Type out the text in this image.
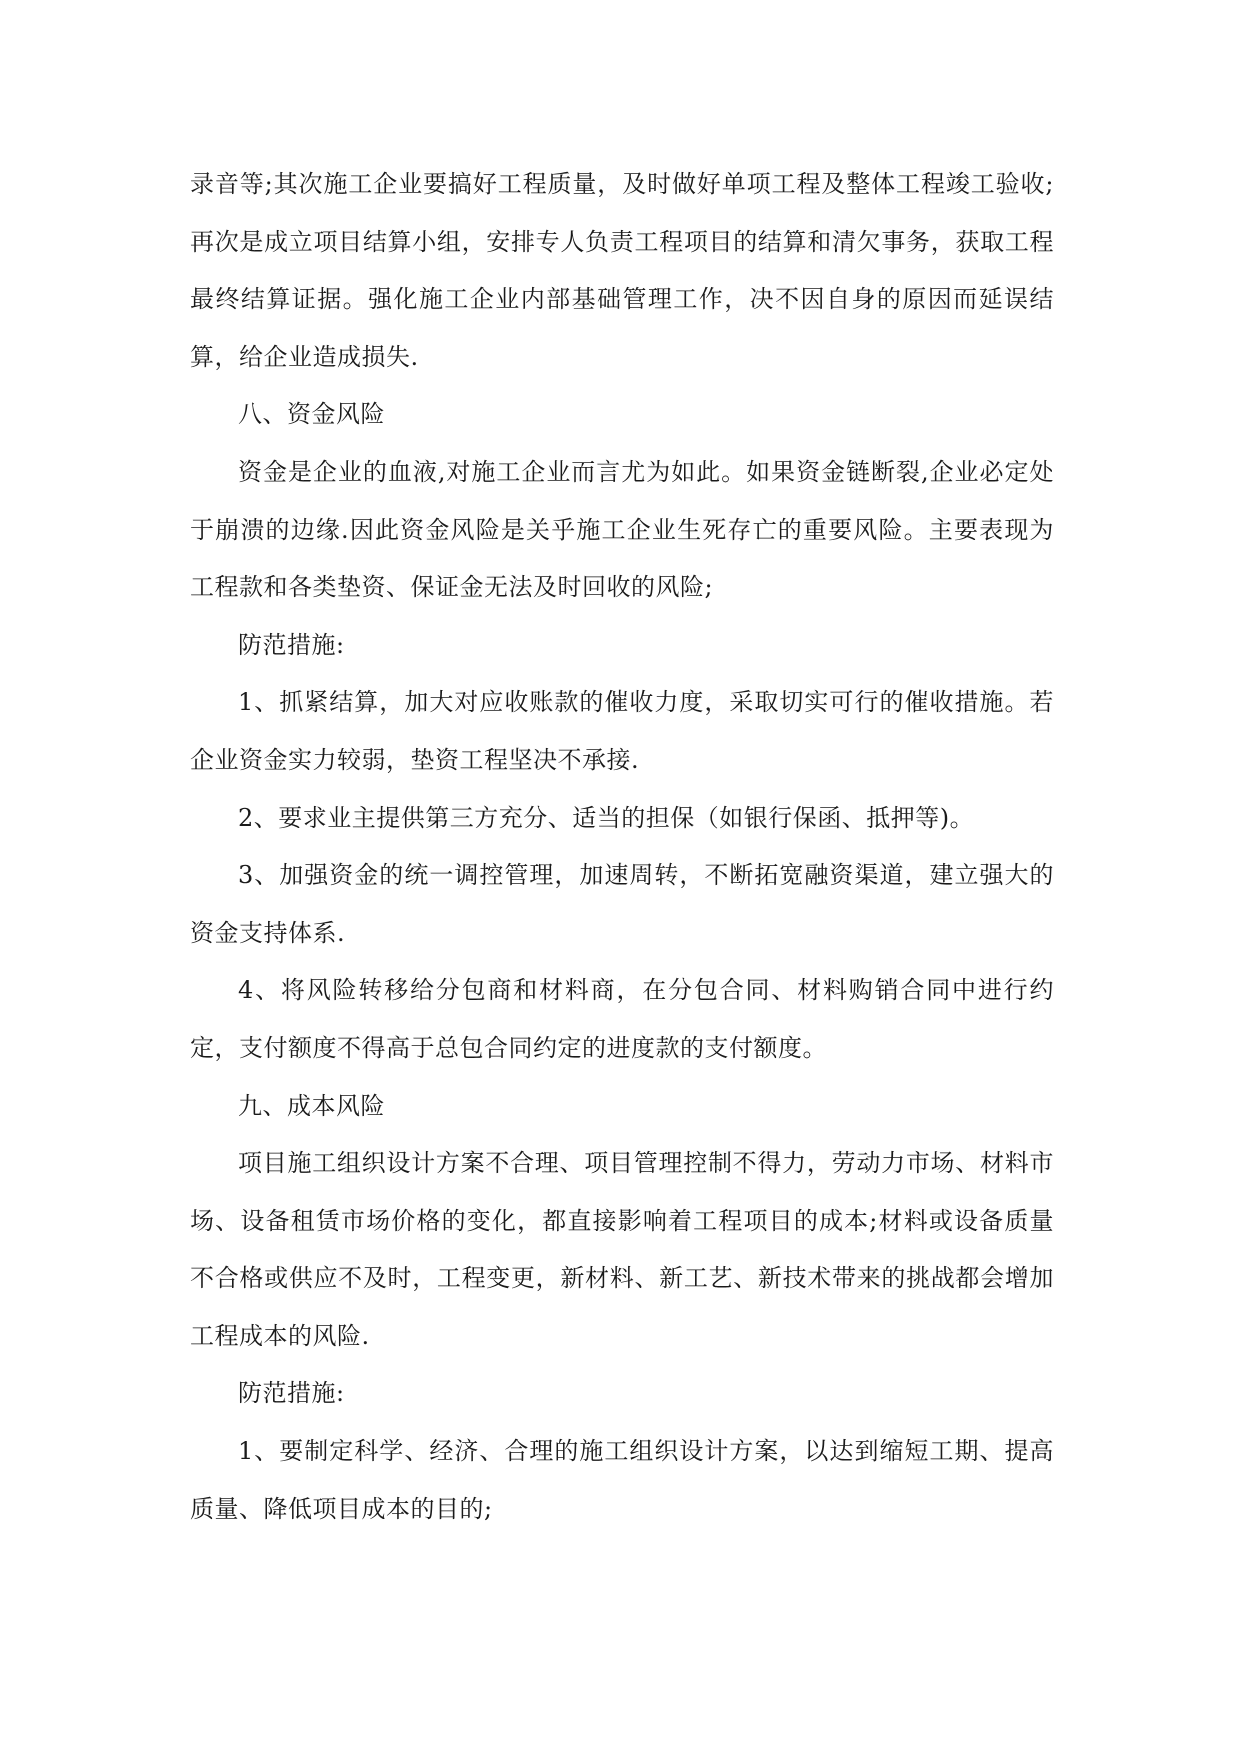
录音等;其次施工企业要搞好工程质量，及时做好单项工程及整体工程竣工验收;再次是成立项目结算小组，安排专人负责工程项目的结算和清欠事务，获取工程最终结算证据。强化施工企业内部基础管理工作，决不因自身的原因而延误结算，给企业造成损失.

八、资金风险

资金是企业的血液,对施工企业而言尤为如此。如果资金链断裂,企业必定处于崩溃的边缘.因此资金风险是关乎施工企业生死存亡的重要风险。主要表现为工程款和各类垫资、保证金无法及时回收的风险;

防范措施:

1、抓紧结算，加大对应收账款的催收力度，采取切实可行的催收措施。若企业资金实力较弱，垫资工程坚决不承接.

2、要求业主提供第三方充分、适当的担保（如银行保函、抵押等)。

3、加强资金的统一调控管理，加速周转，不断拓宽融资渠道，建立强大的资金支持体系.

4、将风险转移给分包商和材料商，在分包合同、材料购销合同中进行约定，支付额度不得高于总包合同约定的进度款的支付额度。

九、成本风险

项目施工组织设计方案不合理、项目管理控制不得力，劳动力市场、材料市场、设备租赁市场价格的变化，都直接影响着工程项目的成本;材料或设备质量不合格或供应不及时，工程变更，新材料、新工艺、新技术带来的挑战都会增加工程成本的风险.

防范措施:

1、要制定科学、经济、合理的施工组织设计方案，以达到缩短工期、提高质量、降低项目成本的目的;
